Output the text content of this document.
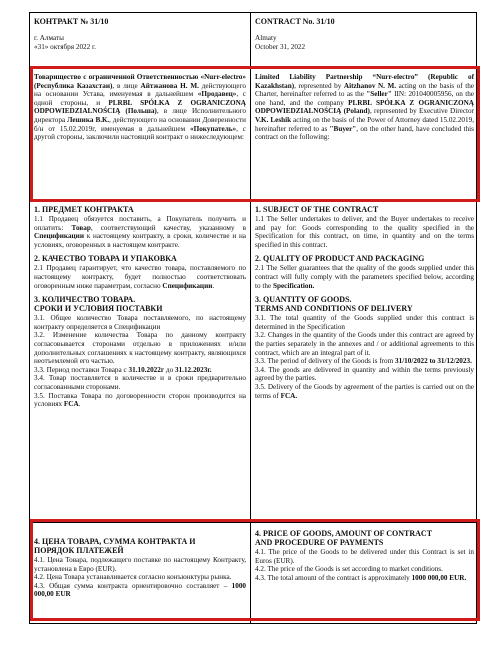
КОНТРАКТ № 31/10

г. Алматы

«31» октября 2022 г.

CONTRACT No. 31/10

Almaty

October 31, 2022

Товарищество с ограниченной Ответственностью «Nurr-electro» (Республика Казахстан), в лице Айтжанова Н. М. действующего на основании Устава, именуемая в дальнейшем «Продавец», с одной стороны, и PLRBL SPÓŁKA Z OGRANICZONĄ ODPOWIEDZIALNOŚCIĄ (Польша), в лице Исполнительного директора Лешика В.К., действующего на основании Доверенности б/н от 15.02.2019г, именуемая в дальнейшем «Покупатель», с другой стороны, заключили настоящий контракт о нижеследующем:

Limited Liability Partnership “Nurr-electro” (Republic of Kazakhstan), represented by Aitzhanov N. M. acting on the basis of the Charter, hereinafter referred to as the "Seller" IIN: 201040005956, on the one hand, and the company PLRBL SPÓŁKA Z OGRANICZONĄ ODPOWIEDZIALNOŚCIĄ (Poland), represented by Executive Director V.K. Leshik acting on the basis of the Power of Attorney dated 15.02.2019, hereinafter referred to as "Buyer", on the other hand, have concluded this contract on the following:

1. ПРЕДМЕТ КОНТРАКТА

1.1 Продавец обязуется поставить, а Покупатель получить и оплатить: Товар, соответствующий качеству, указанному в Спецификации к настоящему контракту, в сроки, количестве и на условиях, оговоренных в настоящем контракте.

2. КАЧЕСТВО ТОВАРА И УПАКОВКА

2.1 Продавец гарантирует, что качество товара, поставляемого по настоящему контракту, будет полностью соответствовать оговоренным ниже параметрам, согласно Спецификации.

3. КОЛИЧЕСТВО ТОВАРА.
СРОКИ И УСЛОВИЯ ПОСТАВКИ

3.1. Общее количество Товара поставляемого, по настоящему контракту определяется в Спецификации

3.2. Изменение количества Товара по данному контракту согласовывается сторонами отдельно в приложениях и/или дополнительных соглашениях к настоящему контракту, являющихся неотъемлемой его частью.

3.3. Период поставки Товара с 31.10.2022г до 31.12.2023г.

3.4. Товар поставляется в количестве и в сроки предварительно согласованными сторонами.

3.5. Поставка Товара по договоренности сторон производится на условиях FCA.

1. SUBJECT OF THE CONTRACT

1.1 The Seller undertakes to deliver, and the Buyer undertakes to receive and pay for: Goods corresponding to the quality specified in the Specification for this contract, on time, in quantity and on the terms specified in this contract.

2. QUALITY OF PRODUCT AND PACKAGING

2.1 The Seller guarantees that the quality of the goods supplied under this contract will fully comply with the parameters specified below, according to the Specification.

3. QUANTITY OF GOODS.
TERMS AND CONDITIONS OF DELIVERY

3.1. The total quantity of the Goods supplied under this contract is determined in the Specification

3.2. Changes in the quantity of the Goods under this contract are agreed by the parties separately in the annexes and / or additional agreements to this contract, which are an integral part of it.

3.3. The period of delivery of the Goods is from 31/10/2022 to 31/12/2023.

3.4. The goods are delivered in quantity and within the terms previously agreed by the parties.

3.5. Delivery of the Goods by agreement of the parties is carried out on the terms of FCA.

4. ЦЕНА ТОВАРА, СУММА КОНТРАКТА И
ПОРЯДОК ПЛАТЕЖЕЙ

4.1. Цена Товара, подлежащего поставке по настоящему Контракту, установлена в Евро (EUR).

4.2. Цена Товара устанавливается согласно конъюнктуры рынка.

4.3. Общая сумма контракта ориентировочно составляет – 1000 000,00 EUR

4. PRICE OF GOODS, AMOUNT OF CONTRACT
AND PROCEDURE OF PAYMENTS

4.1. The price of the Goods to be delivered under this Contract is set in Euros (EUR).

4.2. The price of the Goods is set according to market conditions.

4.3. The total amount of the contract is approximately 1000 000,00 EUR.
